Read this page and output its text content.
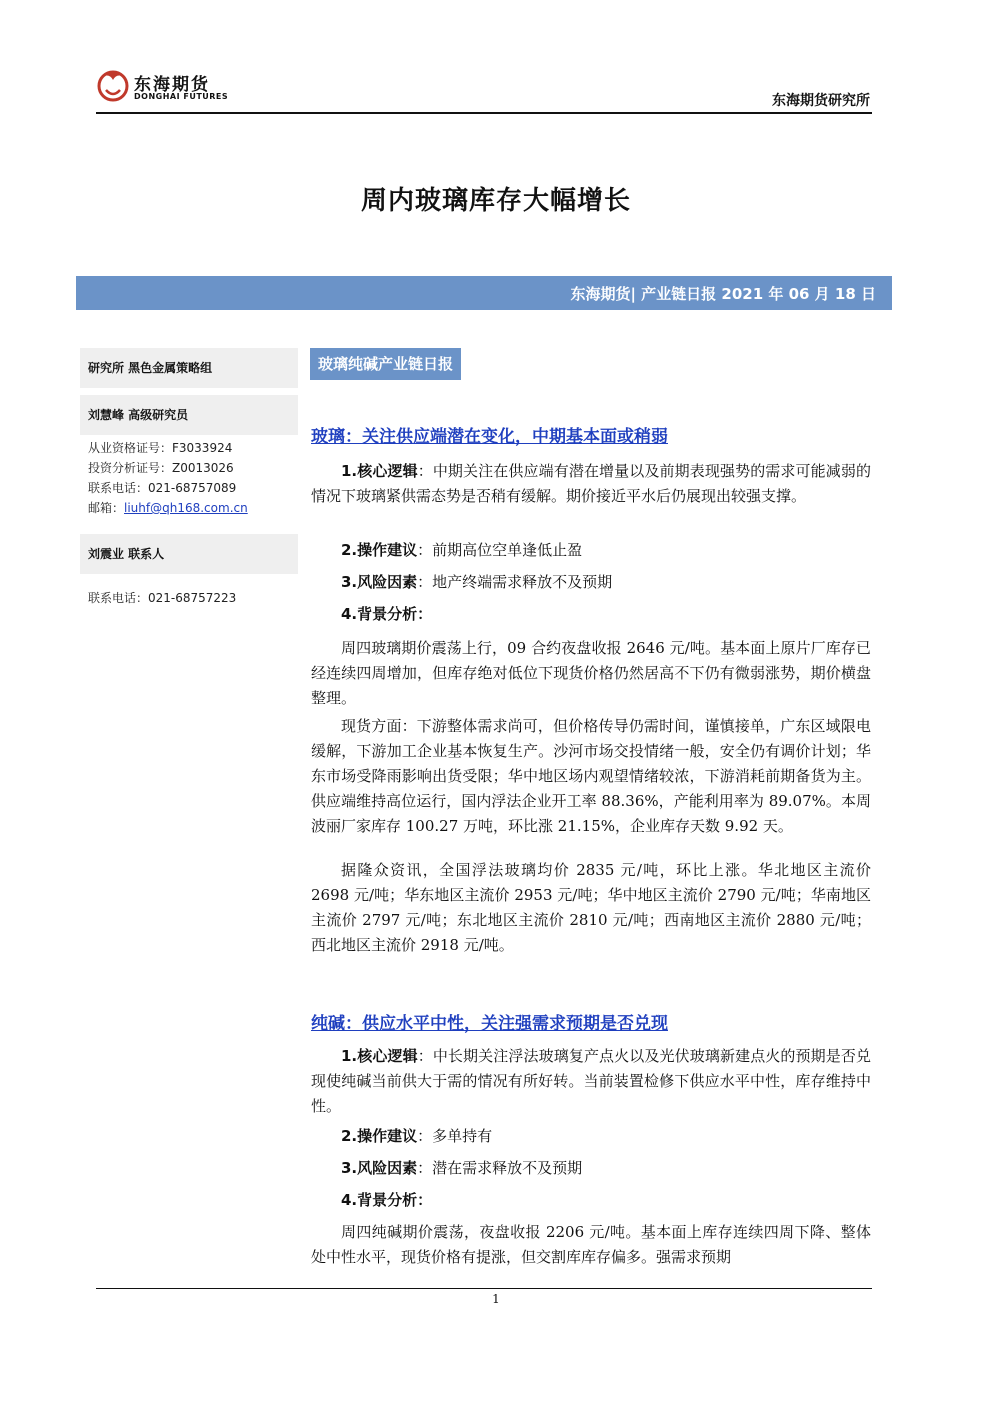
东海期货
DONGHAI FUTURES	东海期货研究所
周内玻璃库存大幅增长
东海期货| 产业链日报 2021 年 06 月 18 日
研究所 黑色金属策略组
刘慧峰 高级研究员
从业资格证号：F3033924
投资分析证号：Z0013026
联系电话：021-68757089
邮箱：liuhf@qh168.com.cn
刘震业 联系人
联系电话：021-68757223
玻璃纯碱产业链日报
玻璃：关注供应端潜在变化，中期基本面或稍弱
1.核心逻辑：中期关注在供应端有潜在增量以及前期表现强势的需求可能减弱的情况下玻璃紧供需态势是否稍有缓解。期价接近平水后仍展现出较强支撑。
2.操作建议：前期高位空单逢低止盈
3.风险因素：地产终端需求释放不及预期
4.背景分析：
周四玻璃期价震荡上行，09 合约夜盘收报 2646 元/吨。基本面上原片厂库存已经连续四周增加，但库存绝对低位下现货价格仍然居高不下仍有微弱涨势，期价横盘整理。
现货方面：下游整体需求尚可，但价格传导仍需时间，谨慎接单，广东区域限电缓解，下游加工企业基本恢复生产。沙河市场交投情绪一般，安全仍有调价计划；华东市场受降雨影响出货受限；华中地区场内观望情绪较浓，下游消耗前期备货为主。供应端维持高位运行，国内浮法企业开工率 88.36%，产能利用率为 89.07%。本周波丽厂家库存 100.27 万吨，环比涨 21.15%，企业库存天数 9.92 天。
据隆众资讯，全国浮法玻璃均价 2835 元/吨，环比上涨。华北地区主流价 2698 元/吨；华东地区主流价 2953 元/吨；华中地区主流价 2790 元/吨；华南地区主流价 2797 元/吨；东北地区主流价 2810 元/吨；西南地区主流价 2880 元/吨；西北地区主流价 2918 元/吨。
纯碱：供应水平中性，关注强需求预期是否兑现
1.核心逻辑：中长期关注浮法玻璃复产点火以及光伏玻璃新建点火的预期是否兑现使纯碱当前供大于需的情况有所好转。当前装置检修下供应水平中性，库存维持中性。
2.操作建议：多单持有
3.风险因素：潜在需求释放不及预期
4.背景分析：
周四纯碱期价震荡，夜盘收报 2206 元/吨。基本面上库存连续四周下降、整体处中性水平，现货价格有提涨，但交割库库存偏多。强需求预期
1
